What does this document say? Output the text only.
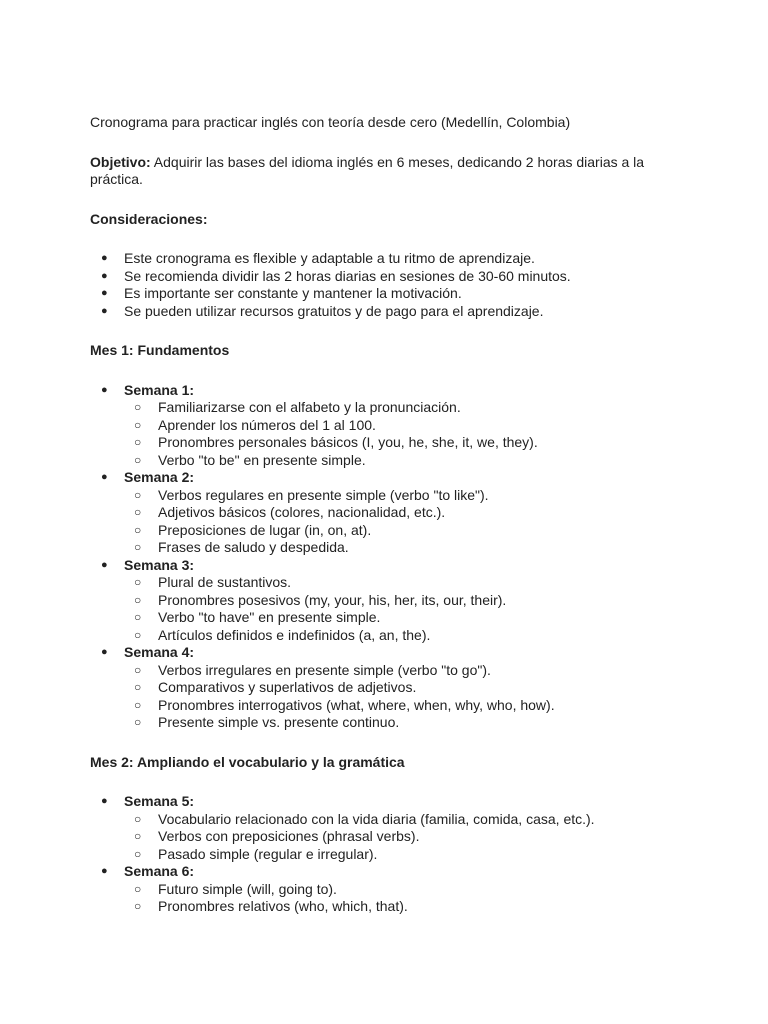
Cronograma para practicar inglés con teoría desde cero (Medellín, Colombia)

Objetivo: Adquirir las bases del idioma inglés en 6 meses, dedicando 2 horas diarias a la práctica.

Consideraciones:

● Este cronograma es flexible y adaptable a tu ritmo de aprendizaje.
● Se recomienda dividir las 2 horas diarias en sesiones de 30-60 minutos.
● Es importante ser constante y mantener la motivación.
● Se pueden utilizar recursos gratuitos y de pago para el aprendizaje.

Mes 1: Fundamentos

● Semana 1:
○ Familiarizarse con el alfabeto y la pronunciación.
○ Aprender los números del 1 al 100.
○ Pronombres personales básicos (I, you, he, she, it, we, they).
○ Verbo "to be" en presente simple.
● Semana 2:
○ Verbos regulares en presente simple (verbo "to like").
○ Adjetivos básicos (colores, nacionalidad, etc.).
○ Preposiciones de lugar (in, on, at).
○ Frases de saludo y despedida.
● Semana 3:
○ Plural de sustantivos.
○ Pronombres posesivos (my, your, his, her, its, our, their).
○ Verbo "to have" en presente simple.
○ Artículos definidos e indefinidos (a, an, the).
● Semana 4:
○ Verbos irregulares en presente simple (verbo "to go").
○ Comparativos y superlativos de adjetivos.
○ Pronombres interrogativos (what, where, when, why, who, how).
○ Presente simple vs. presente continuo.

Mes 2: Ampliando el vocabulario y la gramática

● Semana 5:
○ Vocabulario relacionado con la vida diaria (familia, comida, casa, etc.).
○ Verbos con preposiciones (phrasal verbs).
○ Pasado simple (regular e irregular).
● Semana 6:
○ Futuro simple (will, going to).
○ Pronombres relativos (who, which, that).
